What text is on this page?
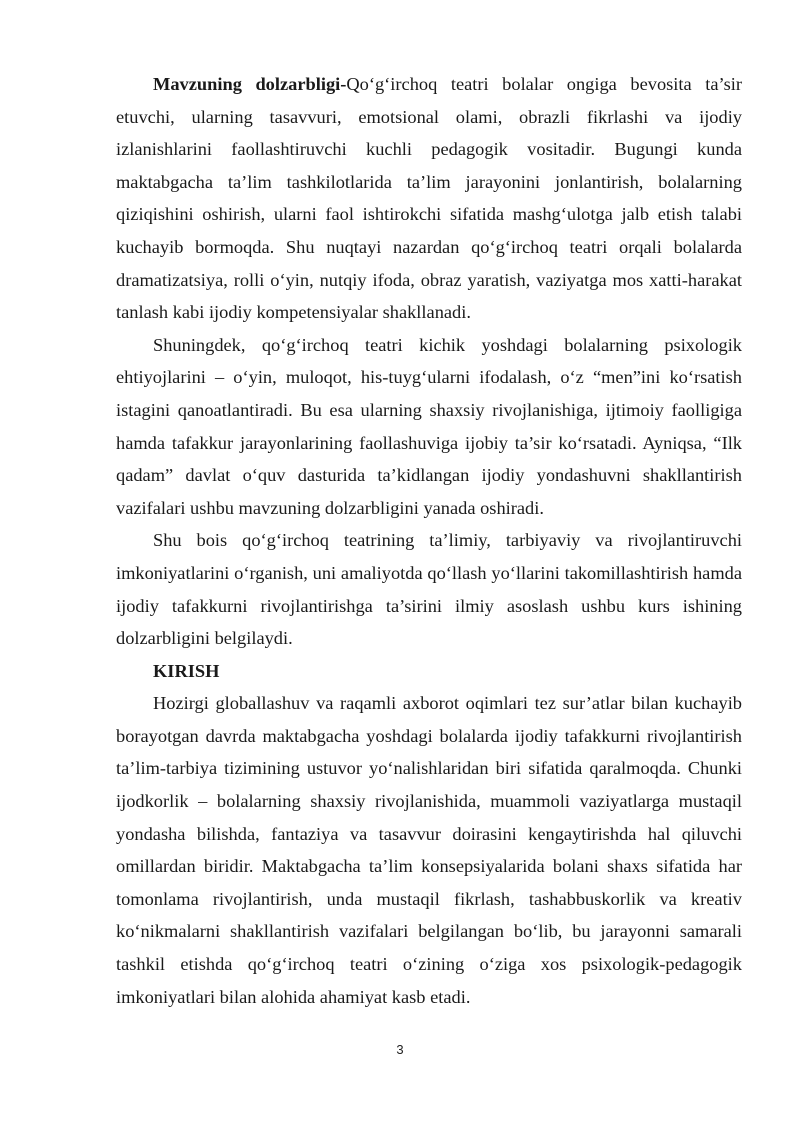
Mavzuning dolzarbligi-Qo‘g‘irchoq teatri bolalar ongiga bevosita ta’sir etuvchi, ularning tasavvuri, emotsional olami, obrazli fikrlashi va ijodiy izlanishlarini faollashtiruvchi kuchli pedagogik vositadir. Bugungi kunda maktabgacha ta’lim tashkilotlarida ta’lim jarayonini jonlantirish, bolalarning qiziqishini oshirish, ularni faol ishtirokchi sifatida mashg‘ulotga jalb etish talabi kuchayib bormoqda. Shu nuqtayi nazardan qo‘g‘irchoq teatri orqali bolalarda dramatizatsiya, rolli o‘yin, nutqiy ifoda, obraz yaratish, vaziyatga mos xatti-harakat tanlash kabi ijodiy kompetensiyalar shakllanadi.

Shuningdek, qo‘g‘irchoq teatri kichik yoshdagi bolalarning psixologik ehtiyojlarini – o‘yin, muloqot, his-tuyg‘ularni ifodalash, o‘z “men”ini ko‘rsatish istagini qanoatlantiradi. Bu esa ularning shaxsiy rivojlanishiga, ijtimoiy faolligiga hamda tafakkur jarayonlarining faollashuviga ijobiy ta’sir ko‘rsatadi. Ayniqsa, “Ilk qadam” davlat o‘quv dasturida ta’kidlangan ijodiy yondashuvni shakllantirish vazifalari ushbu mavzuning dolzarbligini yanada oshiradi.

Shu bois qo‘g‘irchoq teatrining ta’limiy, tarbiyaviy va rivojlantiruvchi imkoniyatlarini o‘rganish, uni amaliyotda qo‘llash yo‘llarini takomillashtirish hamda ijodiy tafakkurni rivojlantirishga ta’sirini ilmiy asoslash ushbu kurs ishining dolzarbligini belgilaydi.

KIRISH

Hozirgi globallashuv va raqamli axborot oqimlari tez sur’atlar bilan kuchayib borayotgan davrda maktabgacha yoshdagi bolalarda ijodiy tafakkurni rivojlantirish ta’lim-tarbiya tizimining ustuvor yo‘nalishlaridan biri sifatida qaralmoqda. Chunki ijodkorlik – bolalarning shaxsiy rivojlanishida, muammoli vaziyatlarga mustaqil yondasha bilishda, fantaziya va tasavvur doirasini kengaytirishda hal qiluvchi omillardan biridir. Maktabgacha ta’lim konsepsiyalarida bolani shaxs sifatida har tomonlama rivojlantirish, unda mustaqil fikrlash, tashabbuskorlik va kreativ ko‘nikmalarni shakllantirish vazifalari belgilangan bo‘lib, bu jarayonni samarali tashkil etishda qo‘g‘irchoq teatri o‘zining o‘ziga xos psixologik-pedagogik imkoniyatlari bilan alohida ahamiyat kasb etadi.

3
